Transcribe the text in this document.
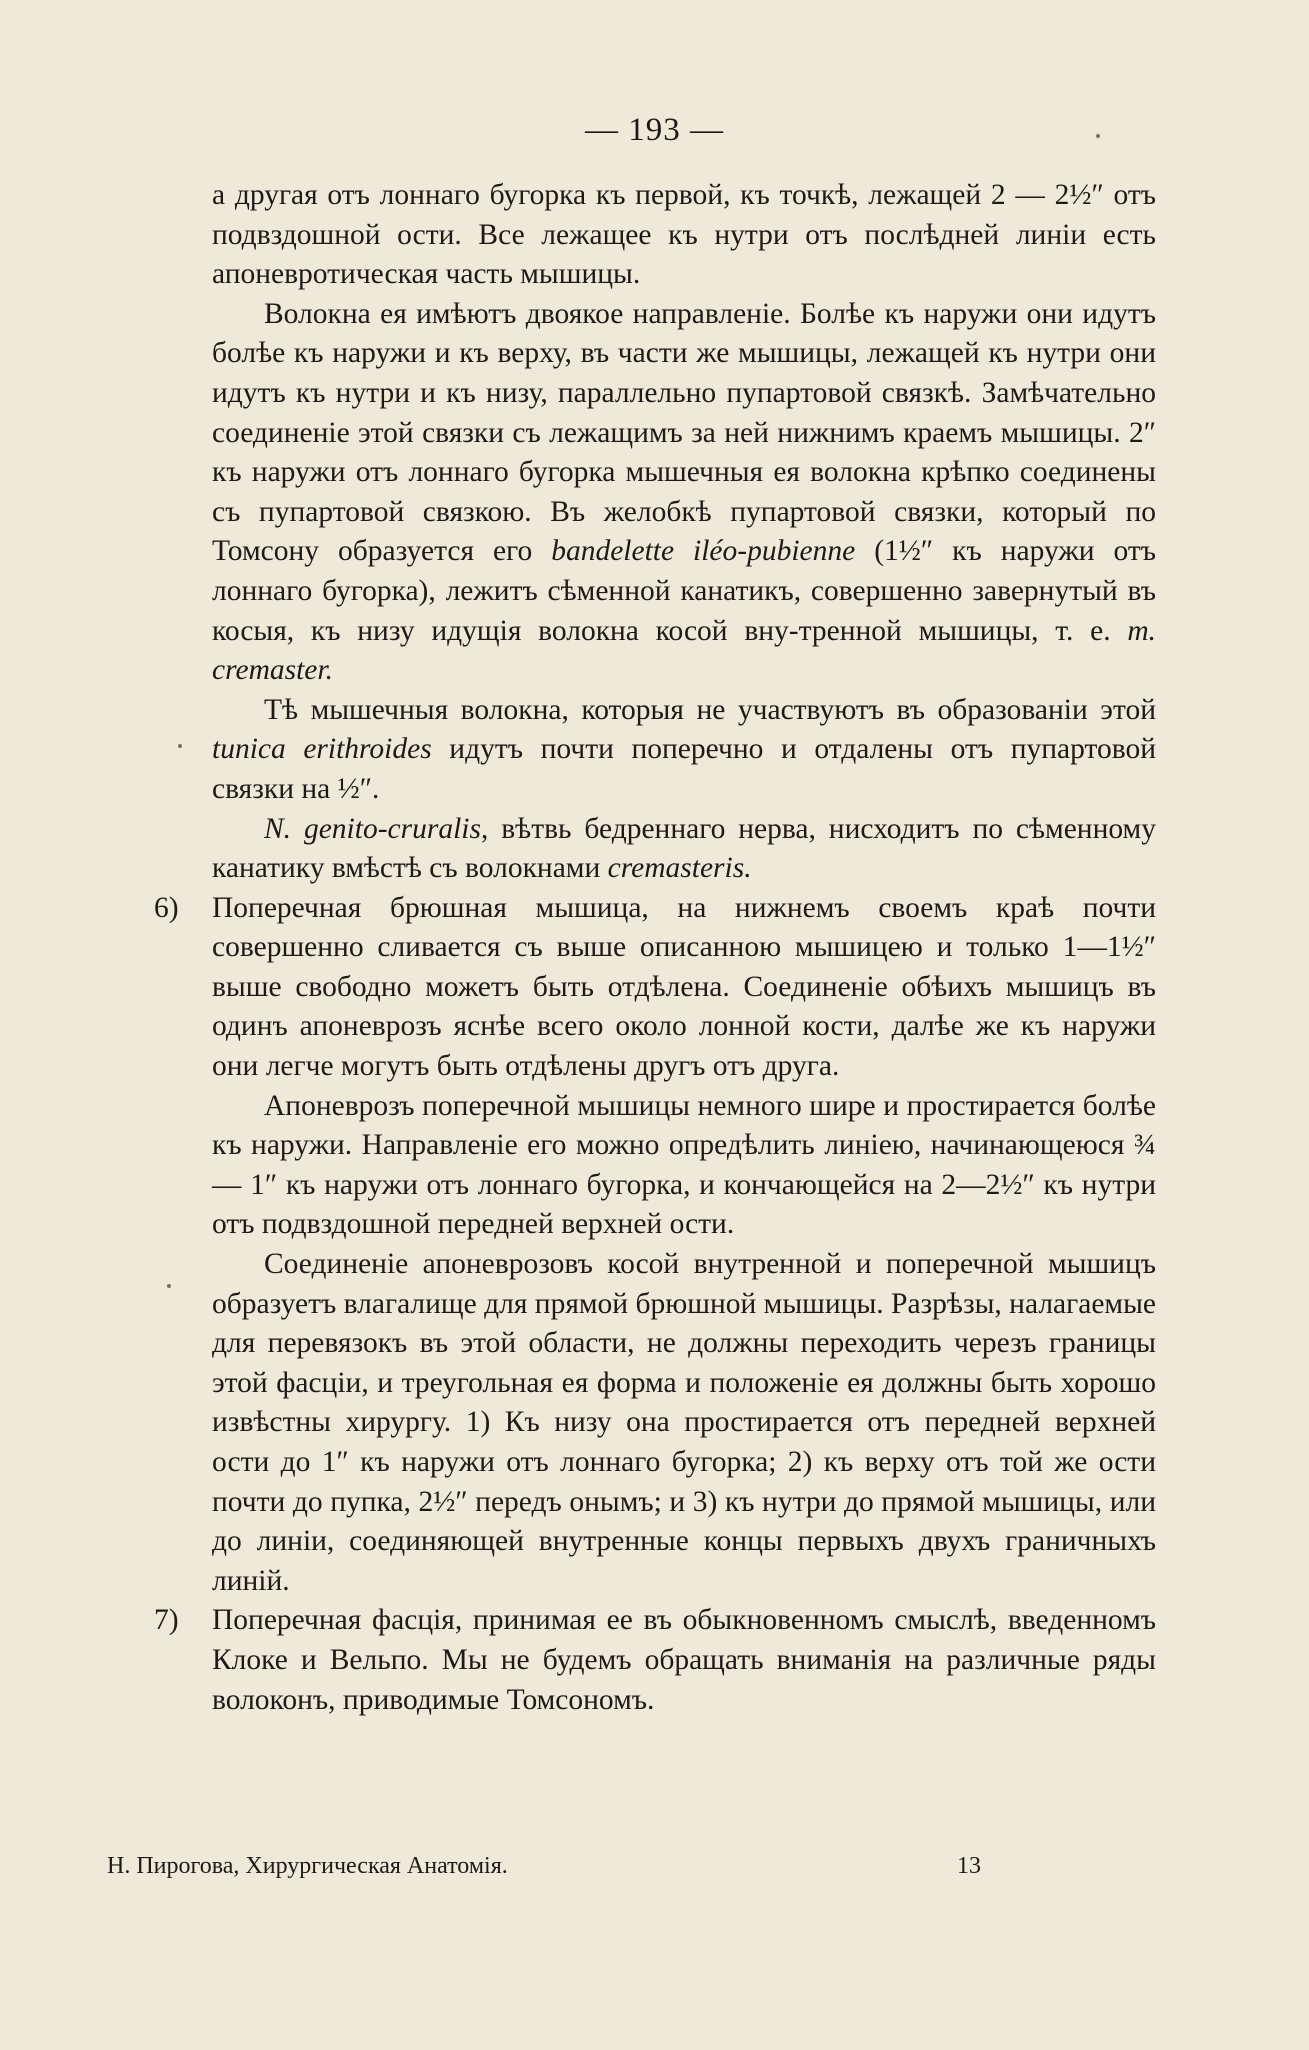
— 193 —

а другая отъ лоннаго бугорка къ первой, къ точкѣ, лежащей 2 — 2½″ отъ подвздошной ости. Все лежащее къ нутри отъ послѣдней линіи есть апоневротическая часть мышицы.

Волокна ея имѣютъ двоякое направленіе. Болѣе къ наружи они идутъ болѣе къ наружи и къ верху, въ части же мышицы, лежащей къ нутри они идутъ къ нутри и къ низу, параллельно пупартовой связкѣ. Замѣчательно соединеніе этой связки съ лежащимъ за ней нижнимъ краемъ мышицы. 2″ къ наружи отъ лоннаго бугорка мышечныя ея волокна крѣпко соединены съ пупартовой связкою. Въ желобкѣ пупартовой связки, который по Томсону образуется его bandelette iléo-pubienne (1½″ къ наружи отъ лоннаго бугорка), лежитъ сѣменной канатикъ, совершенно завернутый въ косыя, къ низу идущія волокна косой вну-тренной мышицы, т. е. m. cremaster.

Тѣ мышечныя волокна, которыя не участвуютъ въ образованіи этой tunica erithroides идутъ почти поперечно и отдалены отъ пупартовой связки на ½″.

N. genito-cruralis, вѣтвь бедреннаго нерва, нисходитъ по сѣменному канатику вмѣстѣ съ волокнами cremasteris.

6) Поперечная брюшная мышица, на нижнемъ своемъ краѣ почти совершенно сливается съ выше описанною мышицею и только 1—1½″ выше свободно можетъ быть отдѣлена. Соединеніе обѣихъ мышицъ въ одинъ апоневрозъ яснѣе всего около лонной кости, далѣе же къ наружи они легче могутъ быть отдѣлены другъ отъ друга.

Апоневрозъ поперечной мышицы немного шире и простирается болѣе къ наружи. Направленіе его можно опредѣлить линіею, начинающеюся ¾ — 1″ къ наружи отъ лоннаго бугорка, и кончающейся на 2—2½″ къ нутри отъ подвздошной передней верхней ости.

Соединеніе апоневрозовъ косой внутренной и поперечной мышицъ образуетъ влагалище для прямой брюшной мышицы. Разрѣзы, налагаемые для перевязокъ въ этой области, не должны переходить черезъ границы этой фасціи, и треугольная ея форма и положеніе ея должны быть хорошо извѣстны хирургу. 1) Къ низу она простирается отъ передней верхней ости до 1″ къ наружи отъ лоннаго бугорка; 2) къ верху отъ той же ости почти до пупка, 2½″ передъ онымъ; и 3) къ нутри до прямой мышицы, или до линіи, соединяющей внутренные концы первыхъ двухъ граничныхъ линій.

7) Поперечная фасція, принимая ее въ обыкновенномъ смыслѣ, введенномъ Клоке и Вельпо. Мы не будемъ обращать вниманія на различные ряды волоконъ, приводимые Томсономъ.

Н. Пирогова, Хирургическая Анатомія.	13
